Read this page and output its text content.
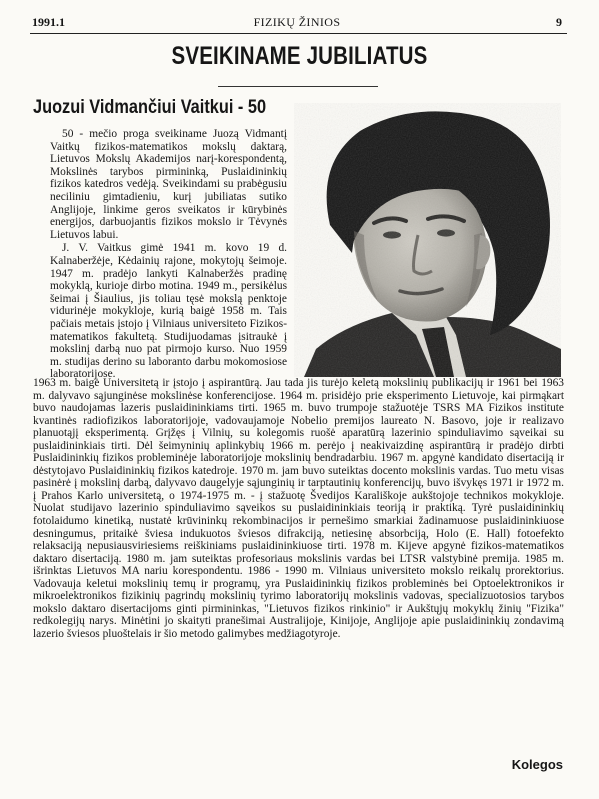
1991.1	FIZIKŲ ŽINIOS	9
SVEIKINAME JUBILIATUS
Juozui Vidmančiui Vaitkui - 50

50 - mečio proga sveikiname Juozą Vidmantį Vaitkų fizikos-matematikos mokslų daktarą, Lietuvos Mokslų Akademijos narį-korespondentą, Mokslinės tarybos pirmininką, Puslaidininkių fizikos katedros vedėją. Sveikindami su prabėgusiu neciliniu gimtadieniu, kurį jubiliatas sutiko Anglijoje, linkime geros sveikatos ir kūrybinės energijos, darbuojantis fizikos mokslo ir Tėvynės Lietuvos labui.

J. V. Vaitkus gimė 1941 m. kovo 19 d. Kalnaberžėje, Kėdainių rajone, mokytojų šeimoje. 1947 m. pradėjo lankyti Kalnaberžės pradinę mokyklą, kurioje dirbo motina. 1949 m., persikėlus šeimai į Šiaulius, jis toliau tęsė mokslą penktoje vidurinėje mokykloje, kurią baigė 1958 m. Tais pačiais metais įstojo į Vilniaus universiteto Fizikos-matematikos fakultetą. Studijuodamas įsitraukė į mokslinį darbą nuo pat pirmojo kurso. Nuo 1959 m. studijas derino su laboranto darbu mokomosiose laboratorijose.

1963 m. baigė Universitetą ir įstojo į aspirantūrą. Jau tada jis turėjo keletą mokslinių publikacijų ir 1961 bei 1963 m. dalyvavo sąjunginėse mokslinėse konferencijose. 1964 m. prisidėjo prie eksperimento Lietuvoje, kai pirmąkart buvo naudojamas lazeris puslaidininkiams tirti. 1965 m. buvo trumpoje stažuotėje TSRS MA Fizikos institute kvantinės radiofizikos laboratorijoje, vadovaujamoje Nobelio premijos laureato N. Basovo, joje ir realizavo planuotąjį eksperimentą. Grįžęs į Vilnių, su kolegomis ruošė aparatūrą lazerinio spinduliavimo sąveikai su puslaidininkiais tirti. Dėl šeimyninių aplinkybių 1966 m. perėjo į neakivaizdinę aspirantūrą ir pradėjo dirbti Puslaidininkių fizikos probleminėje laboratorijoje mokslinių bendradarbiu. 1967 m. apgynė kandidato disertaciją ir dėstytojavo Puslaidininkių fizikos katedroje. 1970 m. jam buvo suteiktas docento mokslinis vardas. Tuo metu visas pasinėrė į mokslinį darbą, dalyvavo daugelyje sąjunginių ir tarptautinių konferencijų, buvo išvykęs 1971 ir 1972 m. į Prahos Karlo universitetą, o 1974-1975 m. - į stažuotę Švedijos Karališkoje aukštojoje technikos mokykloje. Nuolat studijavo lazerinio spinduliavimo sąveikos su puslaidininkiais teoriją ir praktiką. Tyrė puslaidininkių fotolaidumo kinetiką, nustatė krūvininkų rekombinacijos ir pernešimo smarkiai žadinamuose puslaidininkiuose desningumus, pritaikė šviesa indukuotos šviesos difrakciją, netiesinę absorbciją, Holo (E. Hall) fotoefekto relaksaciją nepusiausviriesiems reiškiniams puslaidininkiuose tirti. 1978 m. Kijeve apgynė fizikos-matematikos daktaro disertaciją. 1980 m. jam suteiktas profesoriaus mokslinis vardas bei LTSR valstybinė premija. 1985 m. išrinktas Lietuvos MA nariu korespondentu. 1986 - 1990 m. Vilniaus universiteto mokslo reikalų prorektorius. Vadovauja keletui mokslinių temų ir programų, yra Puslaidininkių fizikos probleminės bei Optoelektronikos ir mikroelektronikos fizikinių pagrindų mokslinių tyrimo laboratorijų mokslinis vadovas, specializuotosios tarybos mokslo daktaro disertacijoms ginti pirmininkas, "Lietuvos fizikos rinkinio" ir Aukštųjų mokyklų žinių "Fizika" redkolegijų narys. Minėtini jo skaityti pranešimai Australijoje, Kinijoje, Anglijoje apie puslaidininkių zondavimą lazerio šviesos pluoštelais ir šio metodo galimybes medžiagotyroje.

Kolegos
